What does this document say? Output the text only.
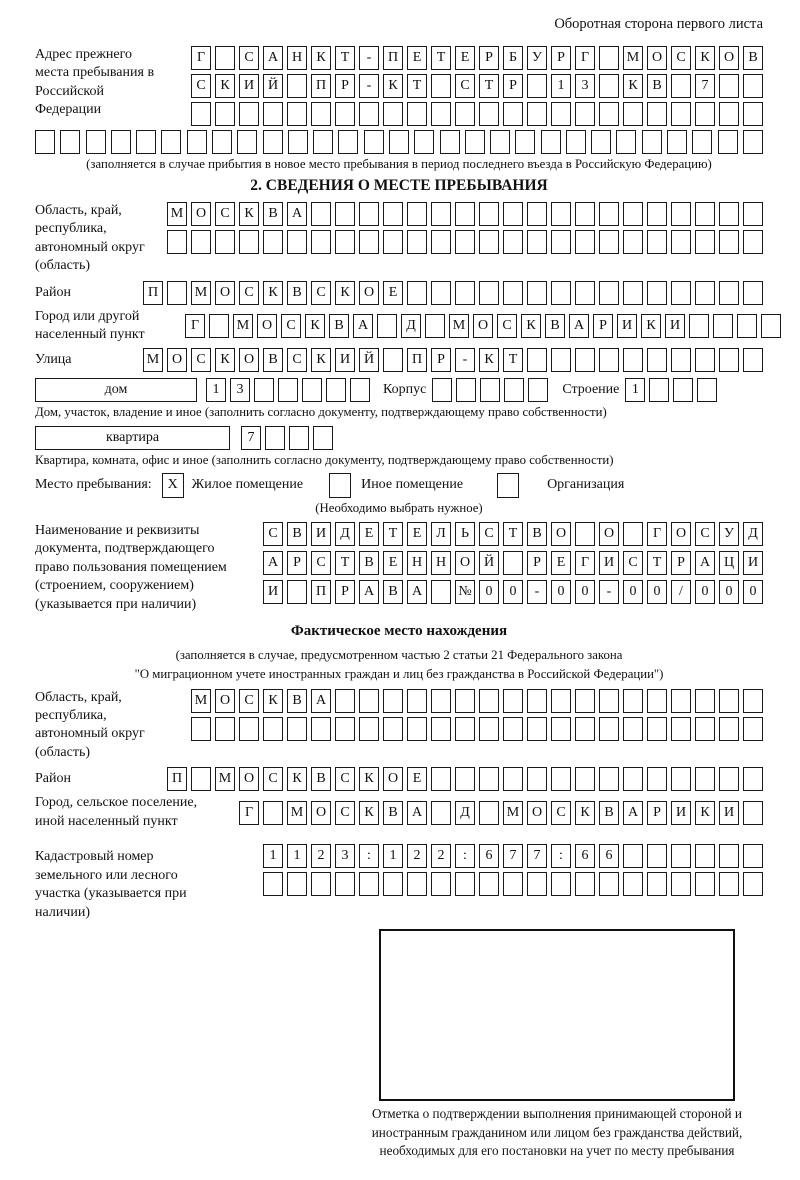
Оборотная сторона первого листа
Адрес прежнего места пребывания в Российской Федерации
Г	С	А Н	К	Т	-	П	Е	Т	Е	Р	Б	У	Р	Г	М О	С	К	О	В
С	К	И Й	П	Р	-	К	Т	С	Т	Р	1	3	К	В	7
(заполняется в случае прибытия в новое место пребывания в период последнего въезда в Российскую Федерацию)
2. СВЕДЕНИЯ О МЕСТЕ ПРЕБЫВАНИЯ
Область, край, республика, автономный округ (область)
М О	С	К	В	А
Район	П	М О	С	К	В	С	К	О	Е
Город или другой населенный пункт
Г	М О	С	К	В	А	Д	М О	С	К	В	А	Р	И	К	И
Улица	М О	С	К	О	В	С	К	И Й	П	Р	-	К	Т
дом	1	3	Корпус	Строение 1
Дом, участок, владение и иное (заполнить согласно документу, подтверждающему право собственности)
квартира	7
Квартира, комната, офис и иное (заполнить согласно документу, подтверждающему право собственности)
Место пребывания:	X Жилое помещение	Иное помещение	Организация
(Необходимо выбрать нужное)
Наименование и реквизиты документа, подтверждающего право пользования помещением (строением, сооружением) (указывается при наличии)
С	В	И	Д	Е	Т	Е	Л	Ь	С	Т	В	О	О	Г	О	С	У	Д
А	Р	С	Т	В	Е	Н Н О Й	Р	Е	Г	И	С	Т	Р	А Ц И
И	П	Р	А	В	А	№ 0	0	-	0	0	-	0	0	/	0	0	0
Фактическое место нахождения
(заполняется в случае, предусмотренном частью 2 статьи 21 Федерального закона
"О миграционном учете иностранных граждан и лиц без гражданства в Российской Федерации")
Область, край, республика, автономный округ (область)
М О	С	К	В	А
Район	П	М О	С	К	В	С	К	О	Е
Город, сельское поселение, иной населенный пункт
Г	М О	С	К	В	А	Д	М О	С	К	В	А	Р	И	К	И
Кадастровый номер земельного или лесного участка (указывается при наличии)
1	1	2	3	:	1	2	2	:	6	7	7	:	6	6
Отметка о подтверждении выполнения принимающей стороной и иностранным гражданином или лицом без гражданства действий, необходимых для его постановки на учет по месту пребывания
